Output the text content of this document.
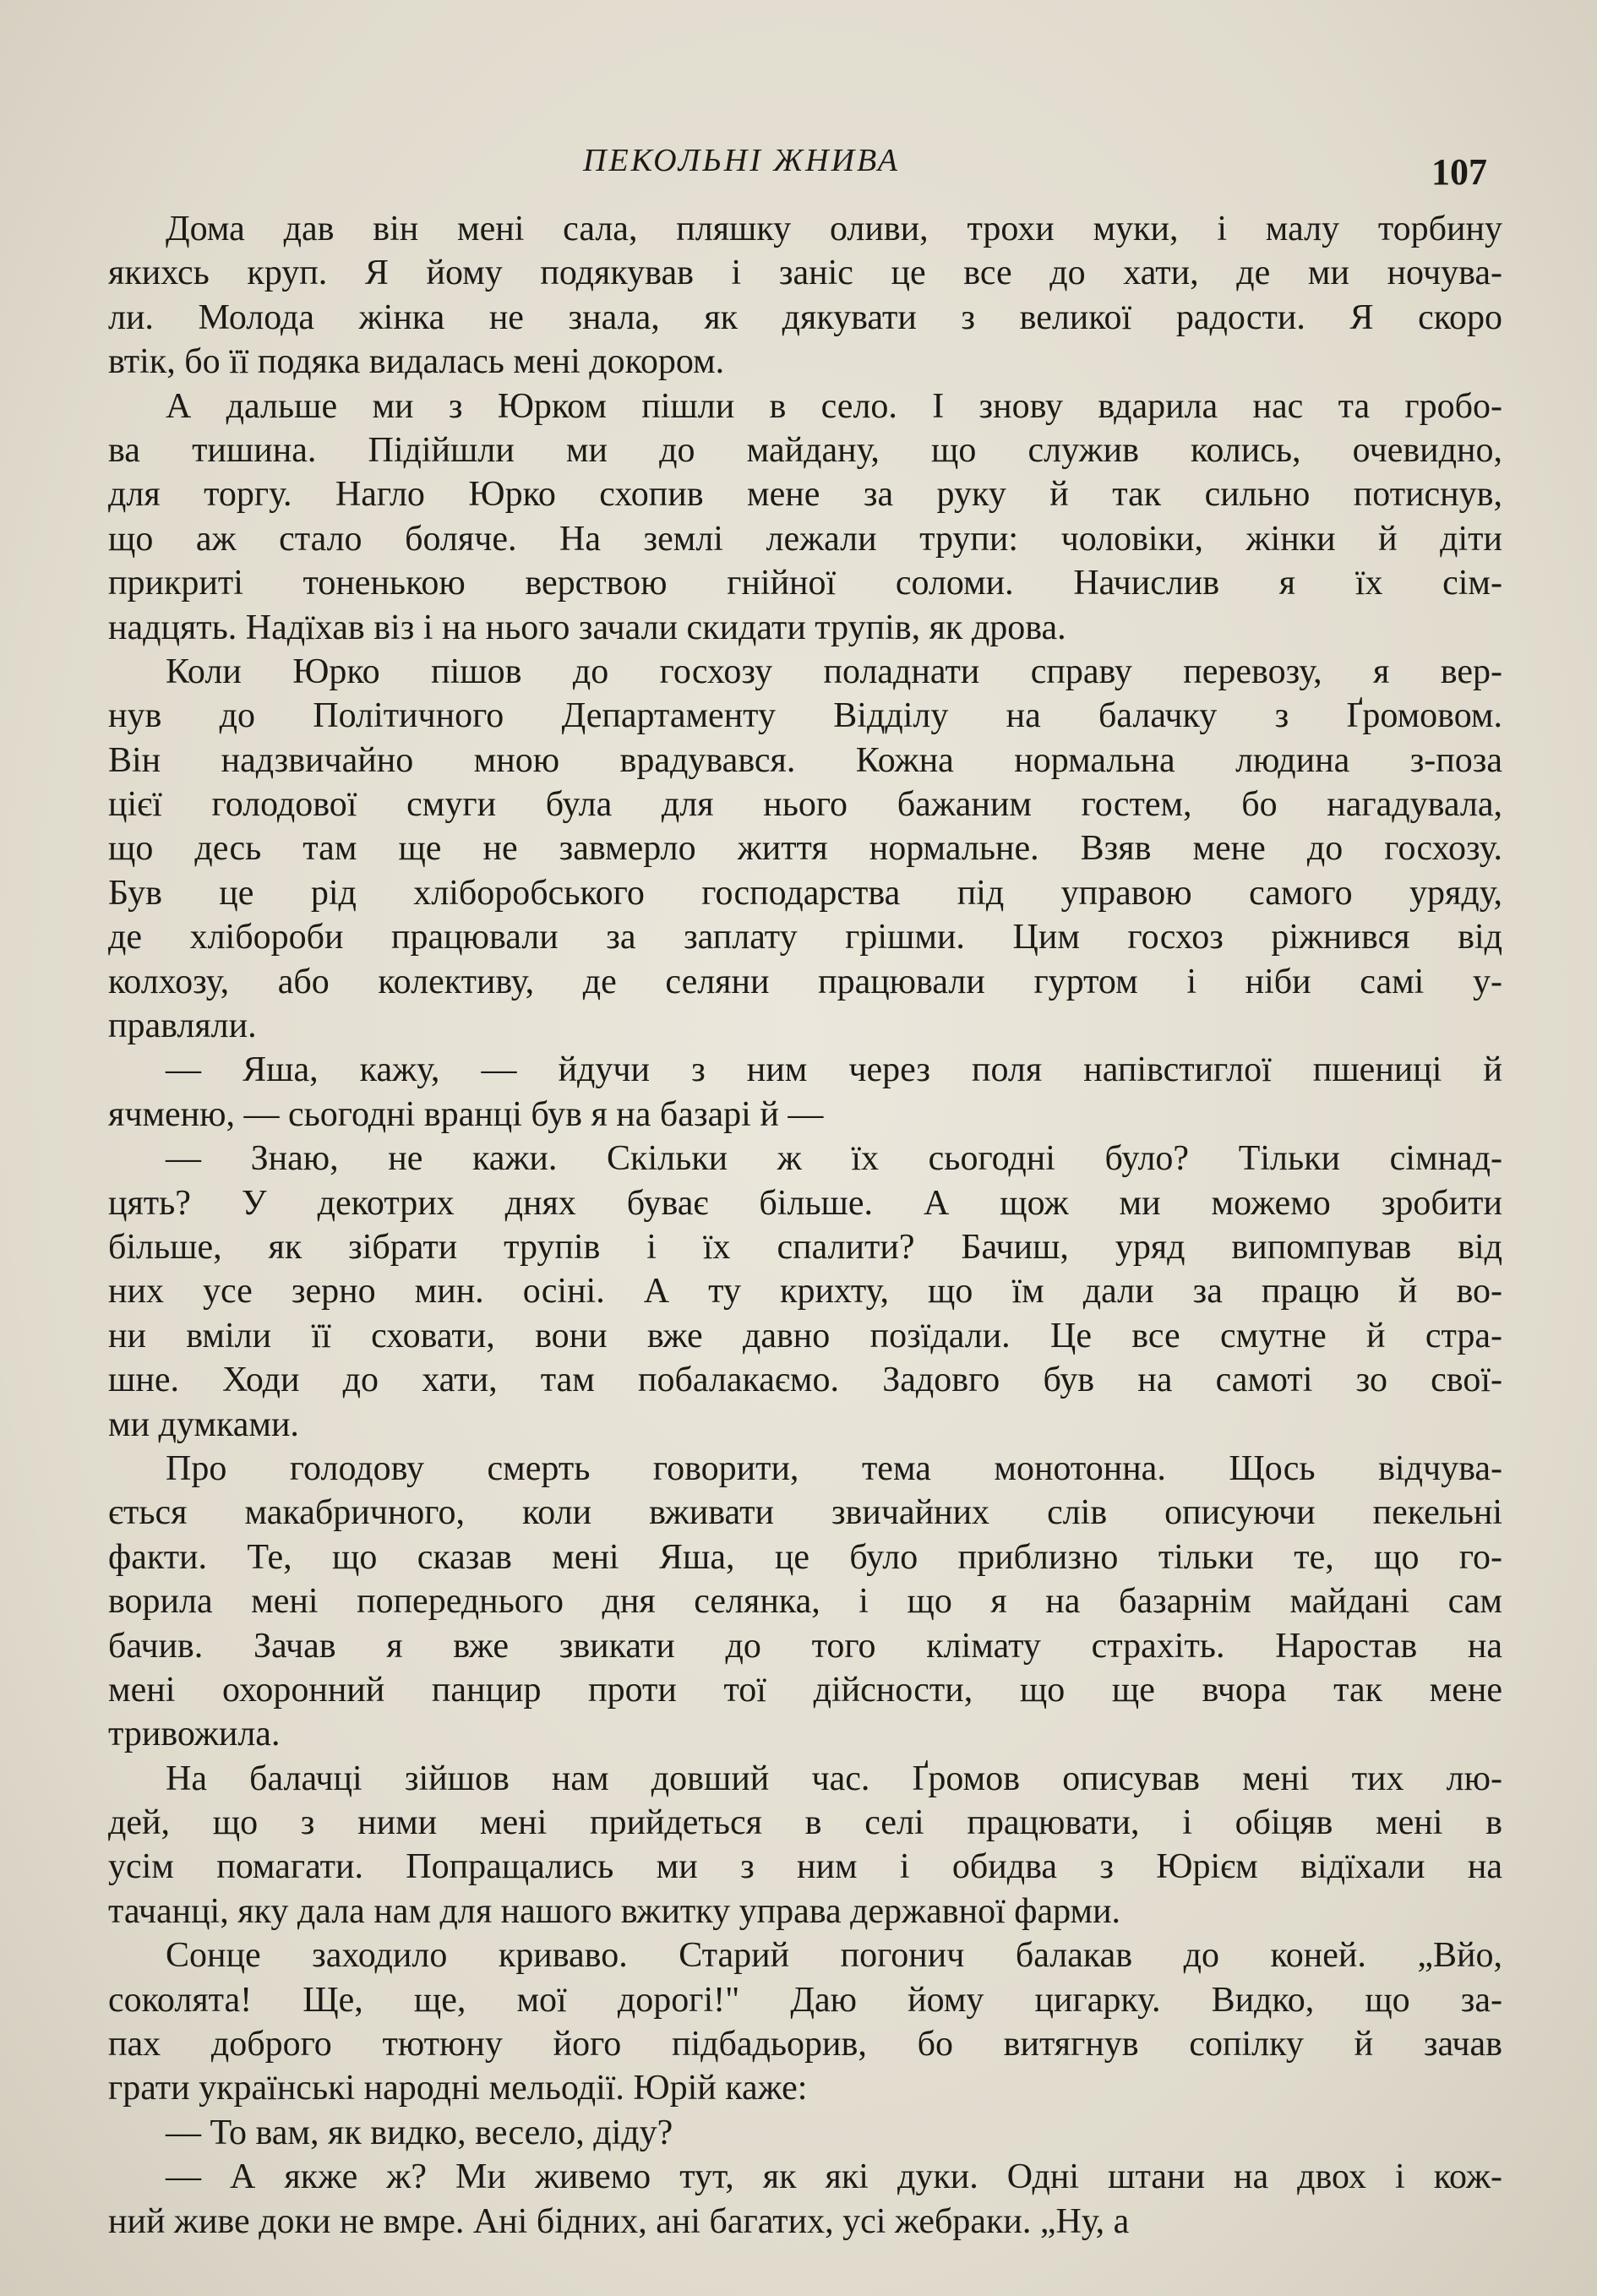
ПЕКОЛЬНІ ЖНИВА	107
Дома дав він мені сала, пляшку оливи, трохи муки, і малу торбину
якихсь круп. Я йому подякував і заніс це все до хати, де ми ночува-
ли. Молода жінка не знала, як дякувати з великої радости. Я скоро
втік, бо її подяка видалась мені докором.
А дальше ми з Юрком пішли в село. І знову вдарила нас та гробо-
ва тишина. Підійшли ми до майдану, що служив колись, очевидно,
для торгу. Нагло Юрко схопив мене за руку й так сильно потиснув,
що аж стало боляче. На землі лежали трупи: чоловіки, жінки й діти
прикриті тоненькою верствою гнійної соломи. Начислив я їх сім-
надцять. Надїхав віз і на нього зачали скидати трупів, як дрова.
Коли Юрко пішов до госхозу поладнати справу перевозу, я вер-
нув до Політичного Департаменту Відділу на балачку з Ґромовом.
Він надзвичайно мною врадувався. Кожна нормальна людина з-поза
цієї голодової смуги була для нього бажаним гостем, бо нагадувала,
що десь там ще не завмерло життя нормальне. Взяв мене до госхозу.
Був це рід хліборобського господарства під управою самого уряду,
де хлібороби працювали за заплату грішми. Цим госхоз ріжнився від
колхозу, або колективу, де селяни працювали гуртом і ніби самі у-
правляли.
— Яша, кажу, — йдучи з ним через поля напівстиглої пшениці й
ячменю, — сьогодні вранці був я на базарі й —
— Знаю, не кажи. Скільки ж їх сьогодні було? Тільки сімнад-
цять? У декотрих днях буває більше. А щож ми можемо зробити
більше, як зібрати трупів і їх спалити? Бачиш, уряд випомпував від
них усе зерно мин. осіні. А ту крихту, що їм дали за працю й во-
ни вміли її сховати, вони вже давно позїдали. Це все смутне й стра-
шне. Ходи до хати, там побалакаємо. Задовго був на самоті зо свої-
ми думками.
Про голодову смерть говорити, тема монотонна. Щось відчува-
ється макабричного, коли вживати звичайних слів описуючи пекельні
факти. Те, що сказав мені Яша, це було приблизно тільки те, що го-
ворила мені попереднього дня селянка, і що я на базарнім майдані сам
бачив. Зачав я вже звикати до того клімату страхіть. Наростав на
мені охоронний панцир проти тої дійсности, що ще вчора так мене
тривожила.
На балачці зійшов нам довший час. Ґромов описував мені тих лю-
дей, що з ними мені прийдеться в селі працювати, і обіцяв мені в
усім помагати. Попращались ми з ним і обидва з Юрієм відїхали на
тачанці, яку дала нам для нашого вжитку управа державної фарми.
Сонце заходило криваво. Старий погонич балакав до коней. „Вйо,
соколята! Ще, ще, мої дорогі!" Даю йому цигарку. Видко, що за-
пах доброго тютюну його підбадьорив, бо витягнув сопілку й зачав
грати українські народні мельодії. Юрій каже:
— То вам, як видко, весело, діду?
— А якже ж? Ми живемо тут, як які дуки. Одні штани на двох і кож-
ний живе доки не вмре. Ані бідних, ані багатих, усі жебраки. „Ну, а
